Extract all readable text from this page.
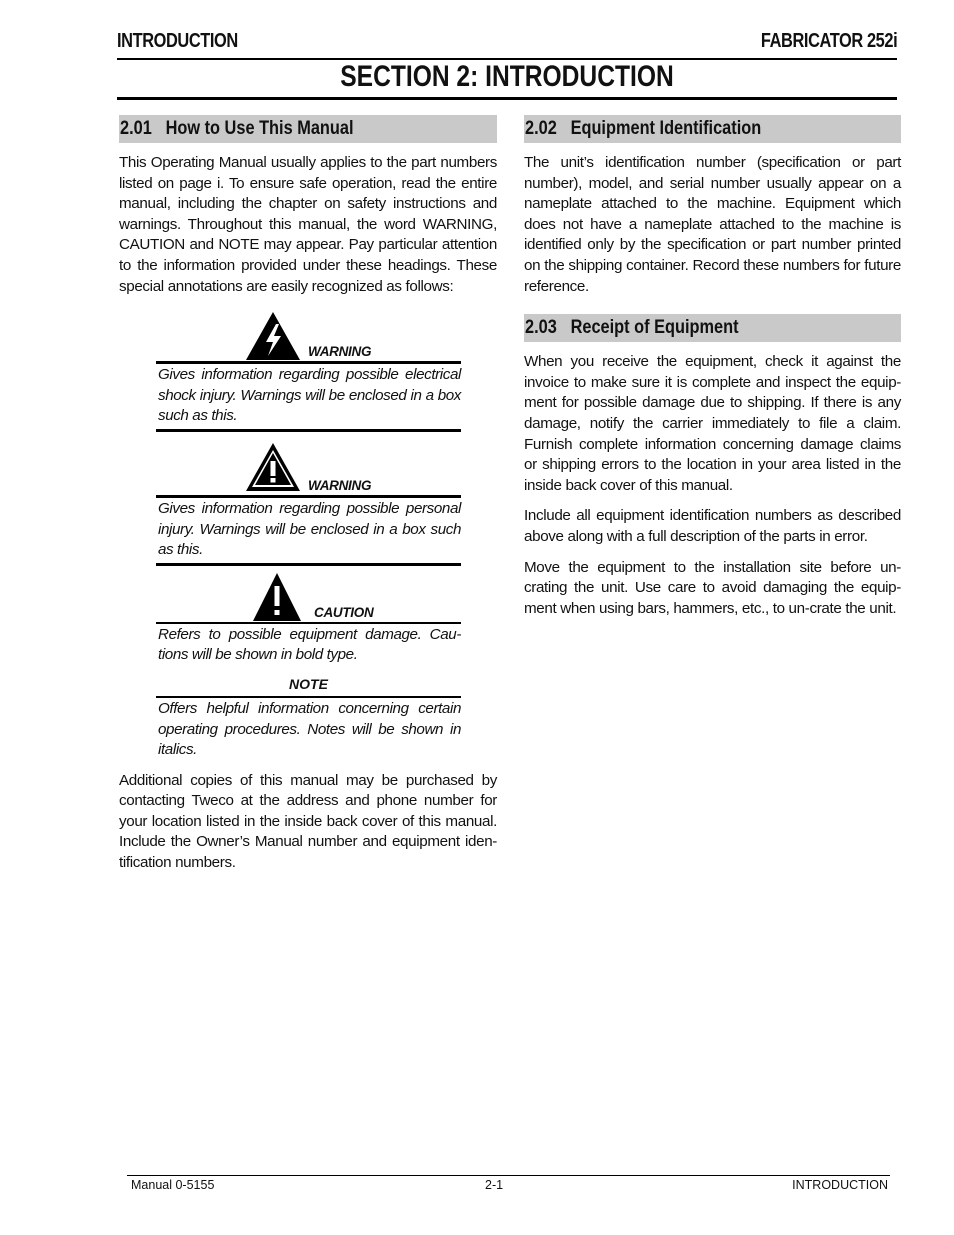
INTRODUCTION	FABRICATOR 252i
SECTION 2: INTRODUCTION
2.01 How to Use This Manual

This Operating Manual usually applies to the part numbers listed on page i. To ensure safe operation, read the entire manual, including the chapter on safety instructions and warnings. Throughout this manual, the word WARNING, CAUTION and NOTE may appear. Pay particular attention to the information provided under these headings. These special annotations are easily recognized as follows:

WARNING
Gives information regarding possible electrical shock injury. Warnings will be enclosed in a box such as this.
WARNING
Gives information regarding possible personal injury. Warnings will be enclosed in a box such as this.
CAUTION
Refers to possible equipment damage. Cau-tions will be shown in bold type.
NOTE
Offers helpful information concerning certain operating procedures. Notes will be shown in italics.

Additional copies of this manual may be purchased by contacting Tweco at the address and phone number for your location listed in the inside back cover of this manual. Include the Owner’s Manual number and equipment iden-tification numbers.

2.02 Equipment Identification

The unit’s identification number (specification or part number), model, and serial number usually appear on a nameplate attached to the machine. Equipment which does not have a nameplate attached to the machine is identified only by the specification or part number printed on the shipping container. Record these numbers for future reference.

2.03 Receipt of Equipment

When you receive the equipment, check it against the invoice to make sure it is complete and inspect the equip-ment for possible damage due to shipping. If there is any damage, notify the carrier immediately to file a claim. Furnish complete information concerning damage claims or shipping errors to the location in your area listed in the inside back cover of this manual.

Include all equipment identification numbers as described above along with a full description of the parts in error.

Move the equipment to the installation site before un-crating the unit. Use care to avoid damaging the equip-ment when using bars, hammers, etc., to un-crate the unit.

Manual 0-5155	2-1	INTRODUCTION
